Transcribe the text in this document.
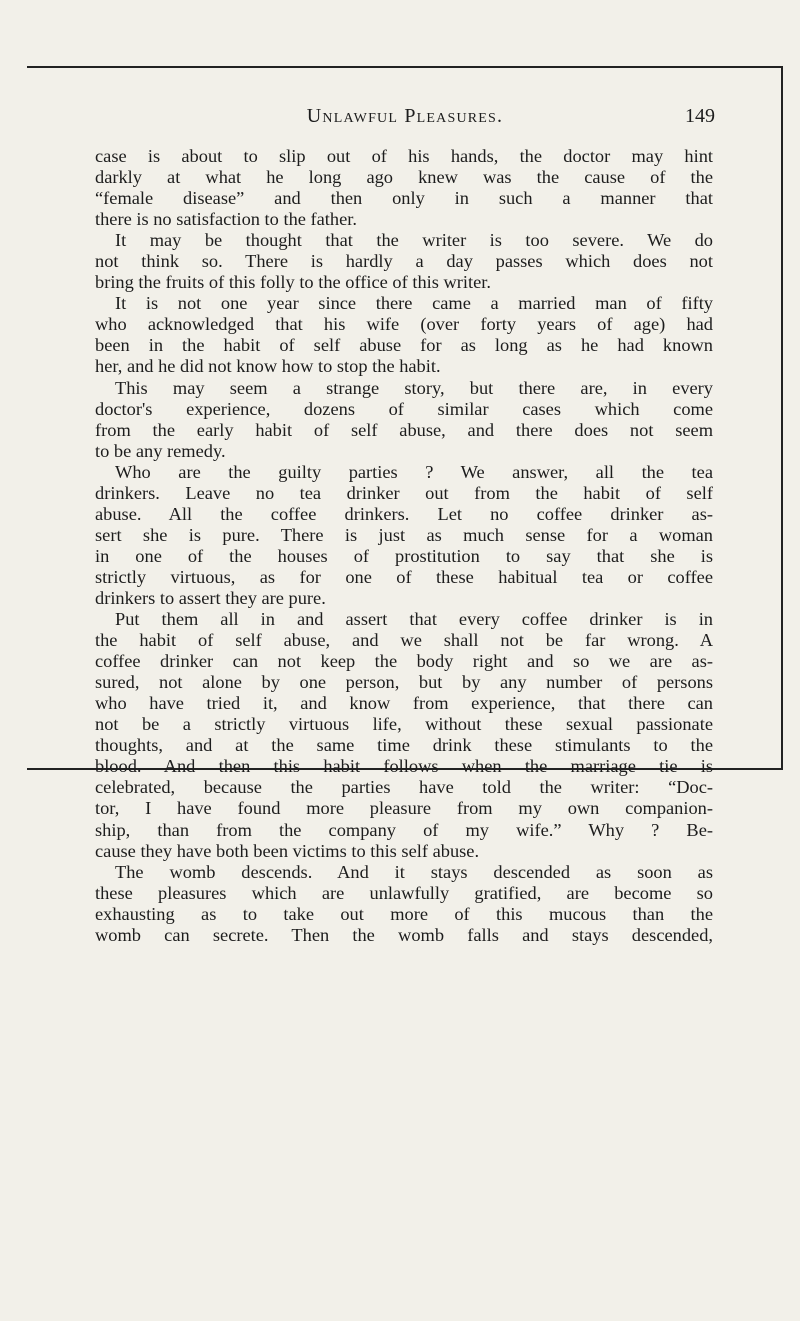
Unlawful Pleasures.	149
case is about to slip out of his hands, the doctor may hint
darkly at what he long ago knew was the cause of the
“female disease” and then only in such a manner that
there is no satisfaction to the father.
It may be thought that the writer is too severe. We do
not think so. There is hardly a day passes which does not
bring the fruits of this folly to the office of this writer.
It is not one year since there came a married man of fifty
who acknowledged that his wife (over forty years of age) had
been in the habit of self abuse for as long as he had known
her, and he did not know how to stop the habit.
This may seem a strange story, but there are, in every
doctor's experience, dozens of similar cases which come
from the early habit of self abuse, and there does not seem
to be any remedy.
Who are the guilty parties ? We answer, all the tea
drinkers. Leave no tea drinker out from the habit of self
abuse. All the coffee drinkers. Let no coffee drinker as-
sert she is pure. There is just as much sense for a woman
in one of the houses of prostitution to say that she is
strictly virtuous, as for one of these habitual tea or coffee
drinkers to assert they are pure.
Put them all in and assert that every coffee drinker is in
the habit of self abuse, and we shall not be far wrong. A
coffee drinker can not keep the body right and so we are as-
sured, not alone by one person, but by any number of persons
who have tried it, and know from experience, that there can
not be a strictly virtuous life, without these sexual passionate
thoughts, and at the same time drink these stimulants to the
blood. And then this habit follows when the marriage tie is
celebrated, because the parties have told the writer: “Doc-
tor, I have found more pleasure from my own companion-
ship, than from the company of my wife.” Why ? Be-
cause they have both been victims to this self abuse.
The womb descends. And it stays descended as soon as
these pleasures which are unlawfully gratified, are become so
exhausting as to take out more of this mucous than the
womb can secrete. Then the womb falls and stays descended,
